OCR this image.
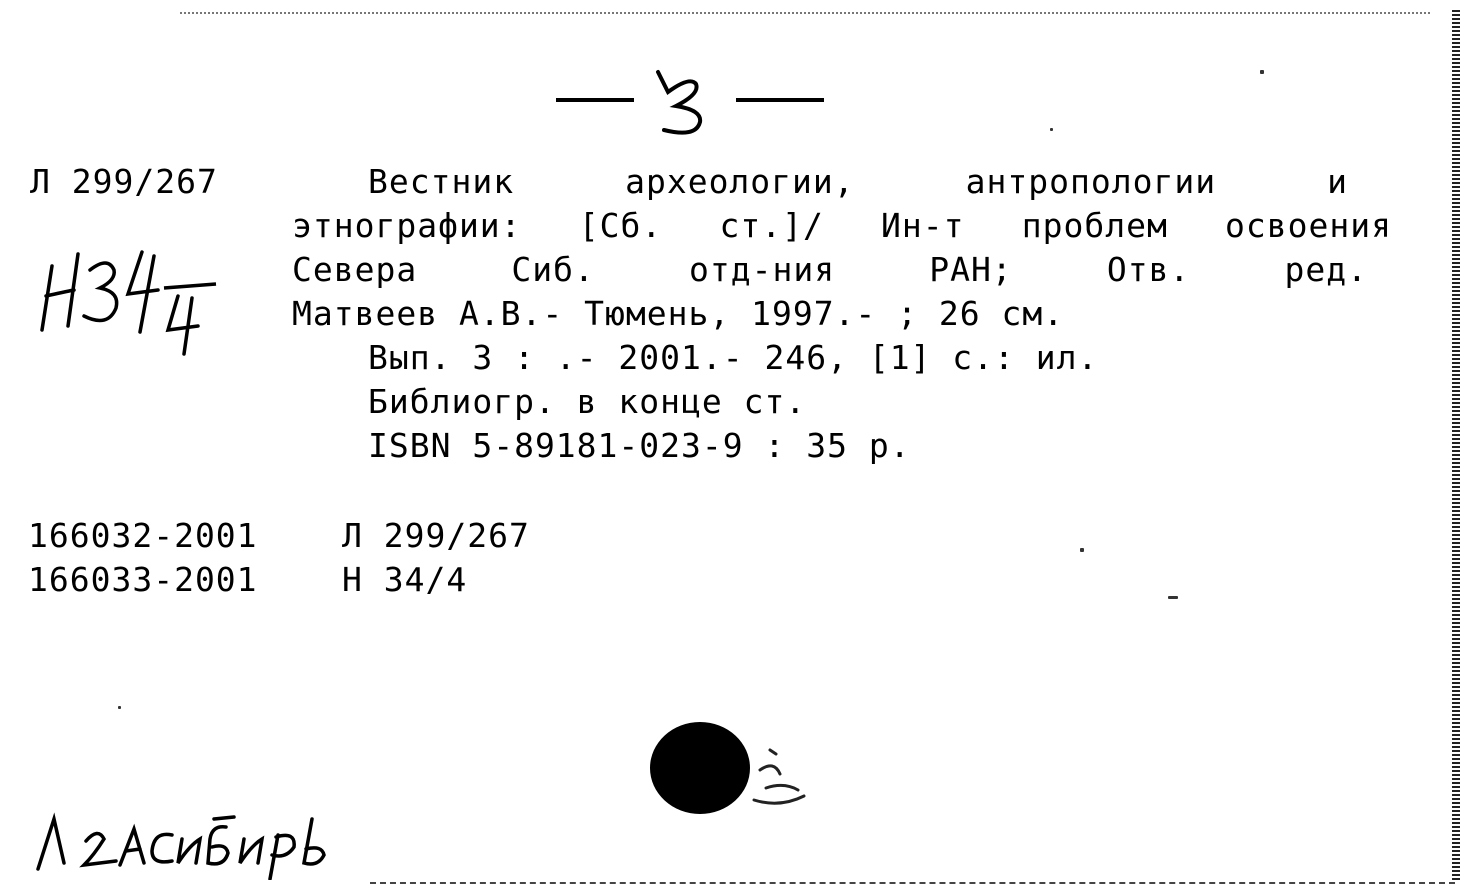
3
Л 299/267	Вестник	археологии,	антропологии	и
этнографии: [Сб. ст.]/ Ин-т проблем освоения
Севера	Сиб.	отд-ния	РАН;	Отв.	ред.
Матвеев А.В.- Тюмень, 1997.- ; 26 см.
Вып. 3 : .- 2001.- 246, [1] с.: ил.
Библиогр. в конце ст.
ISBN 5-89181-023-9 : 35 р.
166032-2001	Л 299/267
166033-2001	Н 34/4
Л 2 Л Сибирь
